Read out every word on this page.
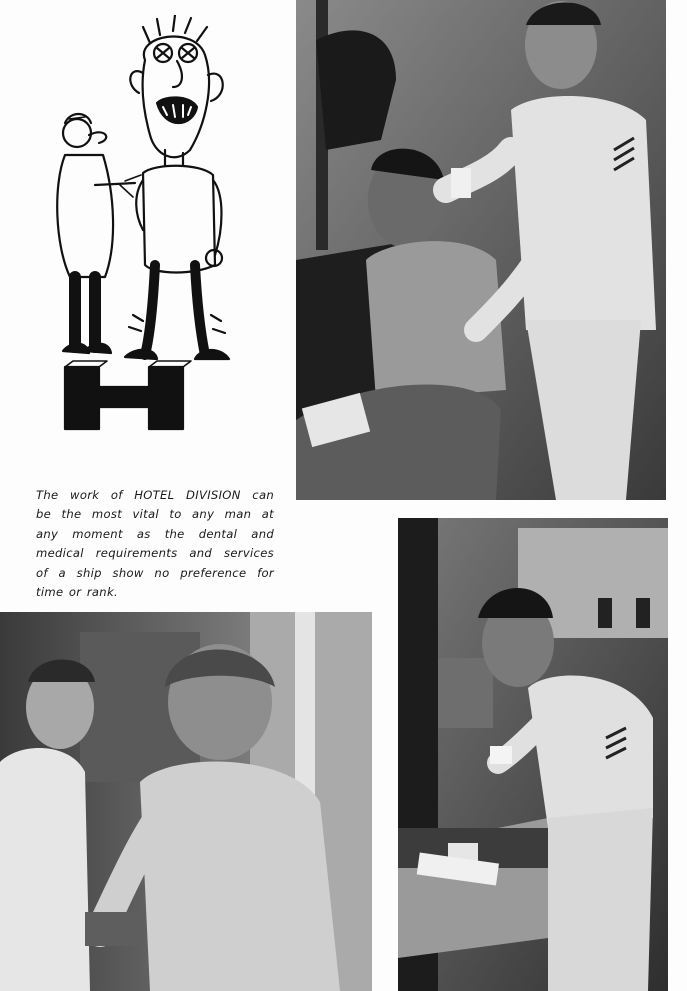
The work of HOTEL DIVISION can
be the most vital to any man at
any moment as the dental and
medical requirements and services
of a ship show no preference for
time or rank.
